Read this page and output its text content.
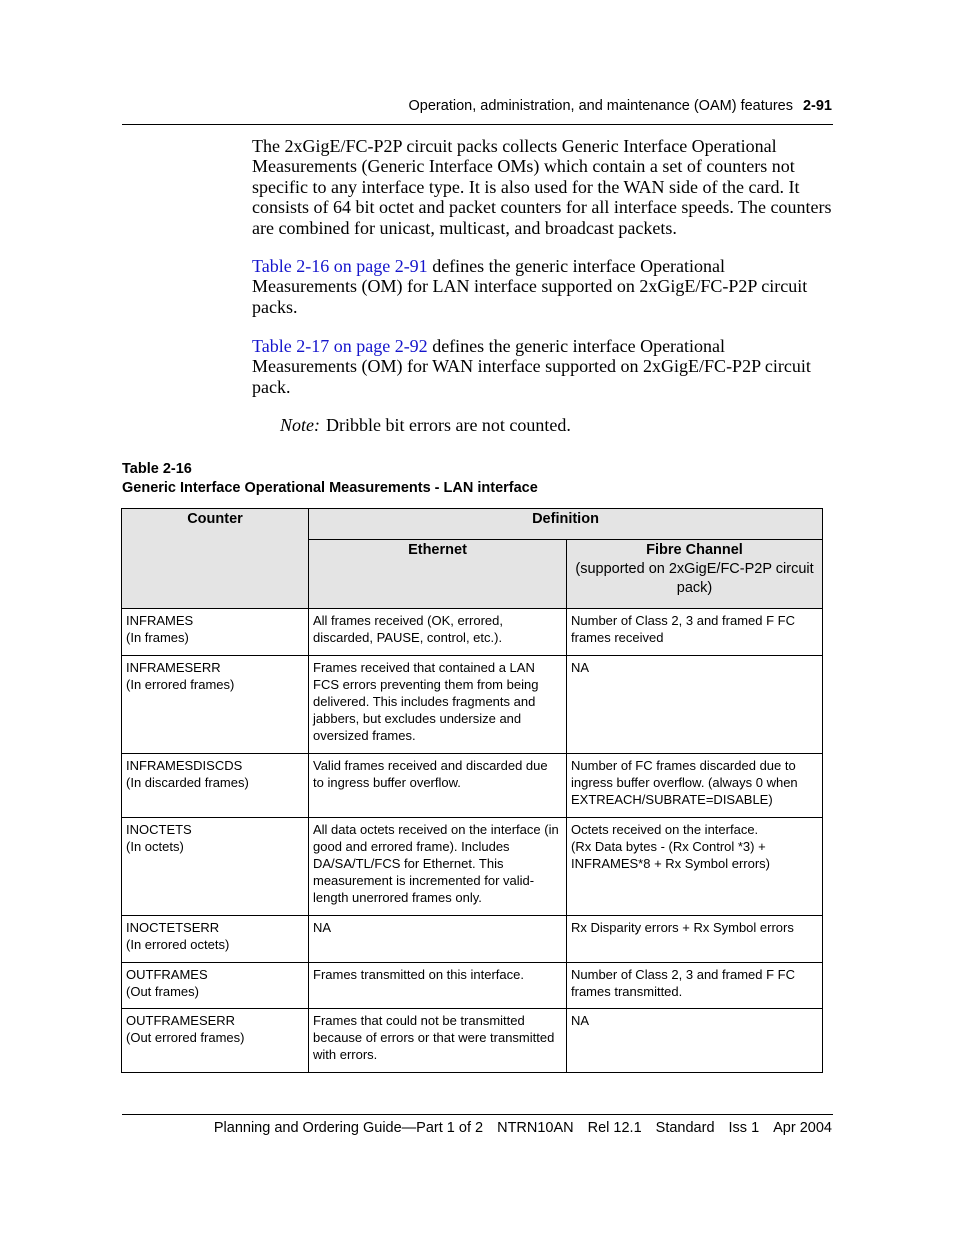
Operation, administration, and maintenance (OAM) features 2-91
The 2xGigE/FC-P2P circuit packs collects Generic Interface Operational Measurements (Generic Interface OMs) which contain a set of counters not specific to any interface type. It is also used for the WAN side of the card. It consists of 64 bit octet and packet counters for all interface speeds. The counters are combined for unicast, multicast, and broadcast packets.
Table 2-16 on page 2-91 defines the generic interface Operational Measurements (OM) for LAN interface supported on 2xGigE/FC-P2P circuit packs.
Table 2-17 on page 2-92 defines the generic interface Operational Measurements (OM) for WAN interface supported on 2xGigE/FC-P2P circuit pack.
Note: Dribble bit errors are not counted.
Table 2-16
Generic Interface Operational Measurements - LAN interface
Counter	Definition	
	Ethernet	Fibre Channel
(supported on 2xGigE/FC-P2P circuit pack)

INFRAMES
(In frames)	All frames received (OK, errored, discarded, PAUSE, control, etc.).	Number of Class 2, 3 and framed F FC frames received

INFRAMESERR
(In errored frames)	Frames received that contained a LAN FCS errors preventing them from being delivered. This includes fragments and jabbers, but excludes undersize and oversized frames.	NA

INFRAMESDISCDS
(In discarded frames)	Valid frames received and discarded due to ingress buffer overflow.	Number of FC frames discarded due to ingress buffer overflow. (always 0 when EXTREACH/SUBRATE=DISABLE)

INOCTETS
(In octets)	All data octets received on the interface (in good and errored frame). Includes DA/SA/TL/FCS for Ethernet. This measurement is incremented for valid-length unerrored frames only.	Octets received on the interface.
(Rx Data bytes - (Rx Control *3) + INFRAMES*8 + Rx Symbol errors)

INOCTETSERR
(In errored octets)	NA	Rx Disparity errors + Rx Symbol errors

OUTFRAMES
(Out frames)	Frames transmitted on this interface.	Number of Class 2, 3 and framed F FC frames transmitted.

OUTFRAMESERR
(Out errored frames)	Frames that could not be transmitted because of errors or that were transmitted with errors.	NA
Planning and Ordering Guide—Part 1 of 2 NTRN10AN Rel 12.1 Standard Iss 1 Apr 2004
